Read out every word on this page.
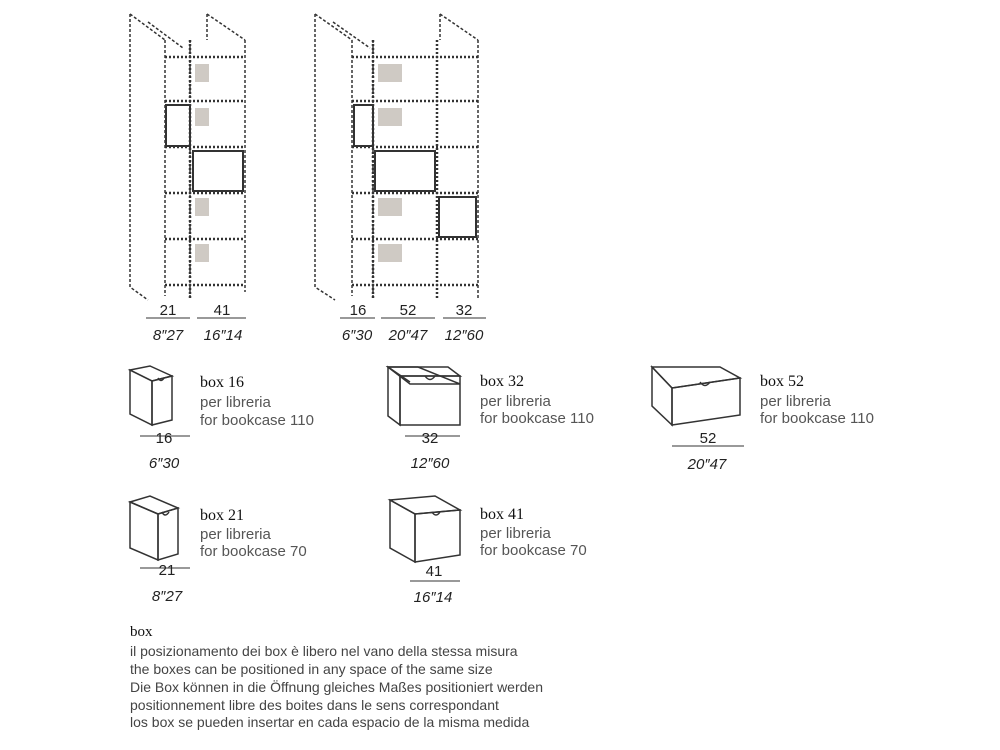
21
8″27
41
16″14
16
6″30
52
20″47
32
12″60
box 16
per libreria
for bookcase 110
16
6″30
box 32
per libreria
for bookcase 110
32
12″60
box 52
per libreria
for bookcase 110
52
20″47
box 21
per libreria
for bookcase 70
21
8″27
box 41
per libreria
for bookcase 70
41
16″14
box
il posizionamento dei box è libero nel vano della stessa misura
the boxes can be positioned in any space of the same size
Die Box können in die Öffnung gleiches Maßes positioniert werden
positionnement libre des boites dans le sens correspondant
los box se pueden insertar en cada espacio de la misma medida
